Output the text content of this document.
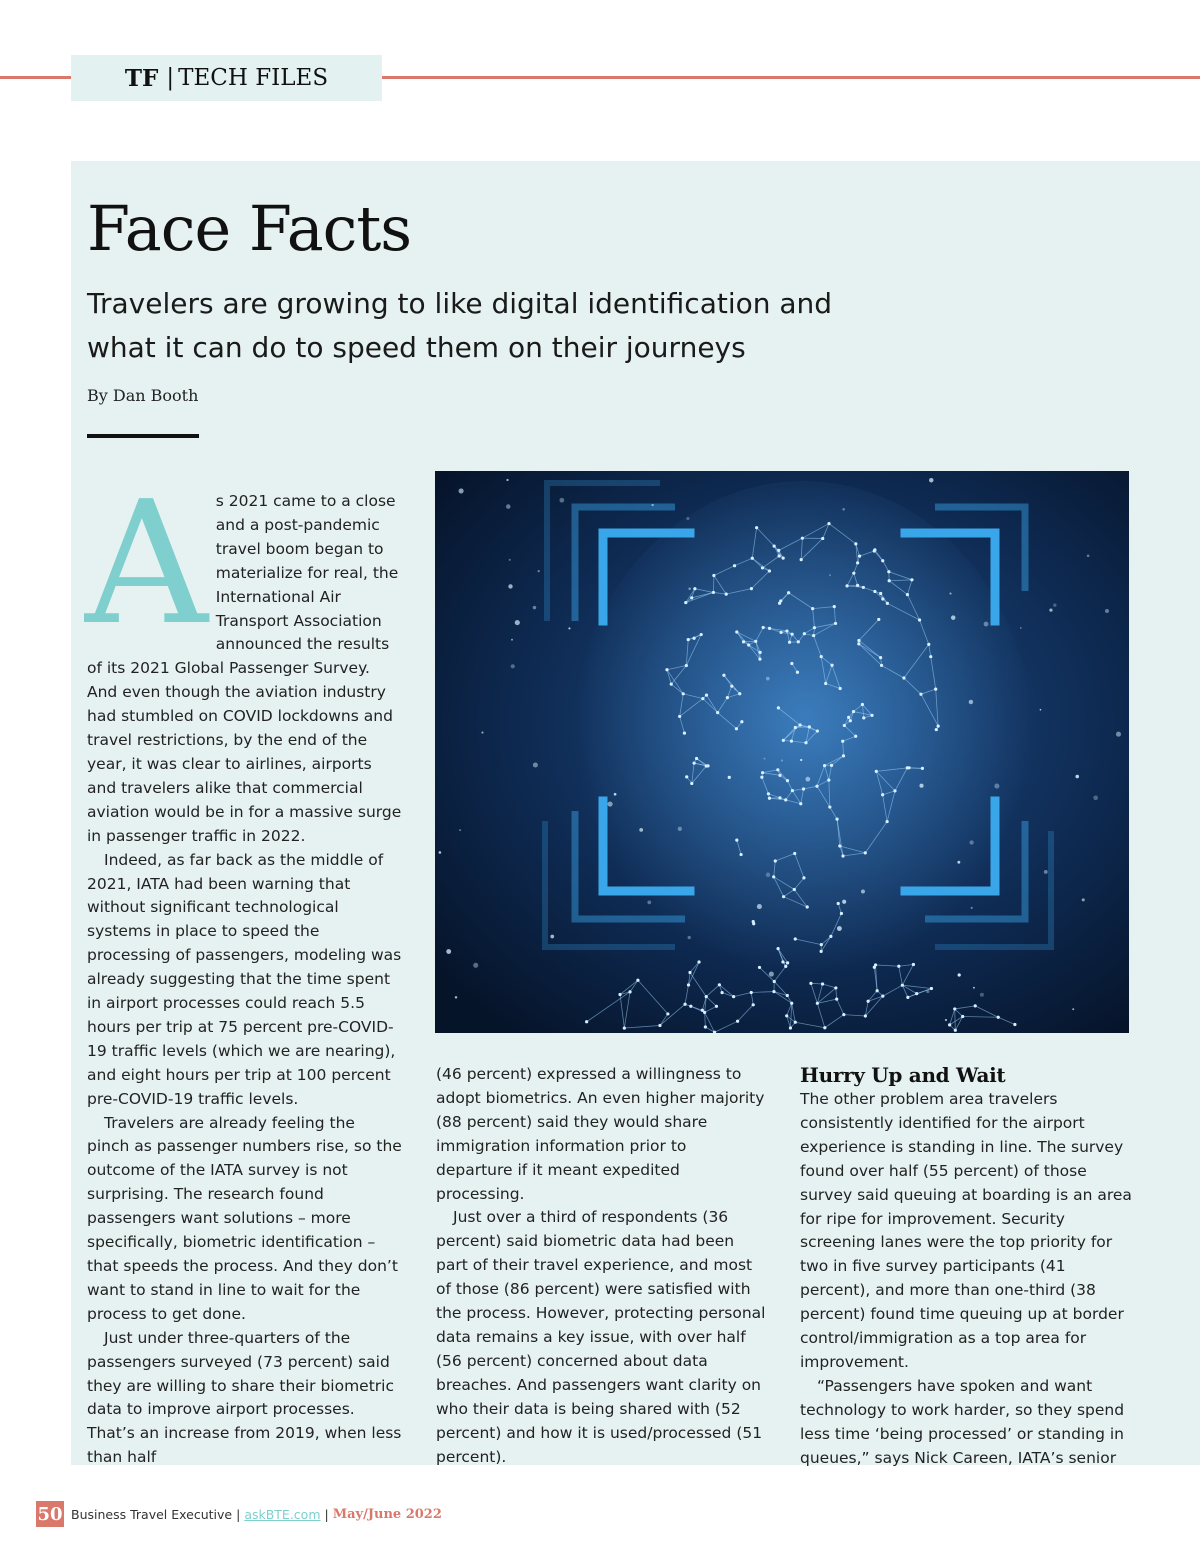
TF | TECH FILES
Face Facts
Travelers are growing to like digital identification and what it can do to speed them on their journeys
By Dan Booth

As 2021 came to a close and a post-pandemic travel boom began to materialize for real, the International Air Transport Association announced the results of its 2021 Global Passenger Survey. And even though the aviation industry had stumbled on COVID lockdowns and travel restrictions, by the end of the year, it was clear to airlines, airports and travelers alike that commercial aviation would be in for a massive surge in passenger traffic in 2022.

Indeed, as far back as the middle of 2021, IATA had been warning that without significant technological systems in place to speed the processing of passengers, modeling was already suggesting that the time spent in airport processes could reach 5.5 hours per trip at 75 percent pre-COVID-19 traffic levels (which we are nearing), and eight hours per trip at 100 percent pre-COVID-19 traffic levels.

Travelers are already feeling the pinch as passenger numbers rise, so the outcome of the IATA survey is not surprising. The research found passengers want solutions – more specifically, biometric identification – that speeds the process. And they don’t want to stand in line to wait for the process to get done.

Just under three-quarters of the passengers surveyed (73 percent) said they are willing to share their biometric data to improve airport processes. That’s an increase from 2019, when less than half

(46 percent) expressed a willingness to adopt biometrics. An even higher majority (88 percent) said they would share immigration information prior to departure if it meant expedited processing.

Just over a third of respondents (36 percent) said biometric data had been part of their travel experience, and most of those (86 percent) were satisfied with the process. However, protecting personal data remains a key issue, with over half (56 percent) concerned about data breaches. And passengers want clarity on who their data is being shared with (52 percent) and how it is used/processed (51 percent).

Hurry Up and Wait

The other problem area travelers consistently identified for the airport experience is standing in line. The survey found over half (55 percent) of those survey said queuing at boarding is an area for ripe for improvement. Security screening lanes were the top priority for two in five survey participants (41 percent), and more than one-third (38 percent) found time queuing up at border control/immigration as a top area for improvement.

“Passengers have spoken and want technology to work harder, so they spend less time ‘being processed’ or standing in queues,” says Nick Careen, IATA’s senior

50 Business Travel Executive | askBTE.com | May/June 2022
